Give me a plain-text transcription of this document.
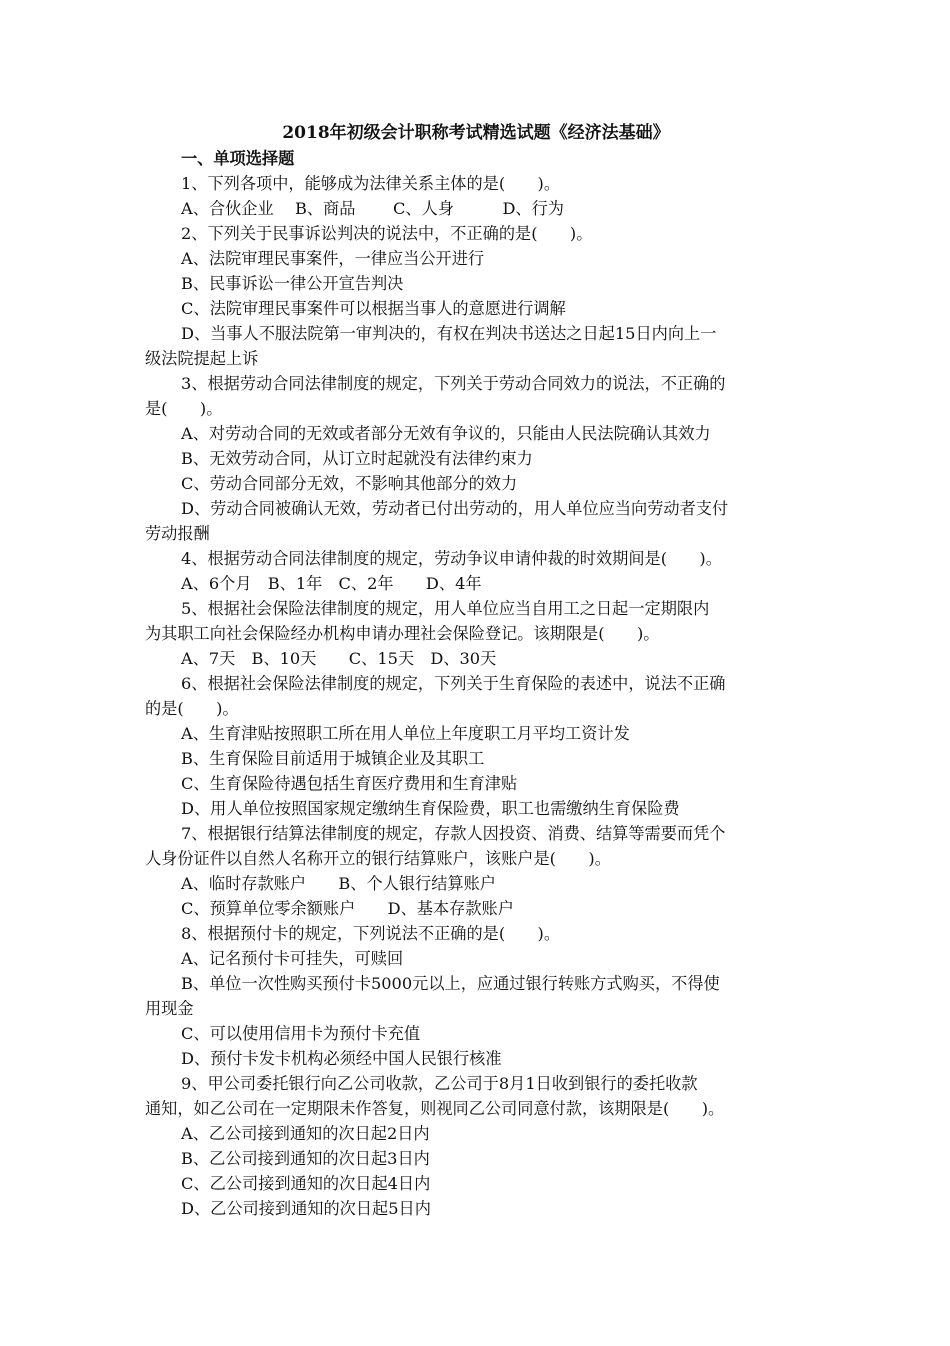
2018年初级会计职称考试精选试题《经济法基础》
一、单项选择题
1、下列各项中，能够成为法律关系主体的是(　　)。
A、合伙企业　 B、商品　　 C、人身　　　D、行为
2、下列关于民事诉讼判决的说法中，不正确的是(　　)。
A、法院审理民事案件，一律应当公开进行
B、民事诉讼一律公开宣告判决
C、法院审理民事案件可以根据当事人的意愿进行调解
D、当事人不服法院第一审判决的，有权在判决书送达之日起15日内向上一
级法院提起上诉
3、根据劳动合同法律制度的规定，下列关于劳动合同效力的说法，不正确的
是(　　)。
A、对劳动合同的无效或者部分无效有争议的，只能由人民法院确认其效力
B、无效劳动合同，从订立时起就没有法律约束力
C、劳动合同部分无效，不影响其他部分的效力
D、劳动合同被确认无效，劳动者已付出劳动的，用人单位应当向劳动者支付
劳动报酬
4、根据劳动合同法律制度的规定，劳动争议申请仲裁的时效期间是(　　)。
A、6个月　B、1年　C、2年　　D、4年
5、根据社会保险法律制度的规定，用人单位应当自用工之日起一定期限内
为其职工向社会保险经办机构申请办理社会保险登记。该期限是(　　)。
A、7天　B、10天　　C、15天　D、30天
6、根据社会保险法律制度的规定，下列关于生育保险的表述中，说法不正确
的是(　　)。
A、生育津贴按照职工所在用人单位上年度职工月平均工资计发
B、生育保险目前适用于城镇企业及其职工
C、生育保险待遇包括生育医疗费用和生育津贴
D、用人单位按照国家规定缴纳生育保险费，职工也需缴纳生育保险费
7、根据银行结算法律制度的规定，存款人因投资、消费、结算等需要而凭个
人身份证件以自然人名称开立的银行结算账户，该账户是(　　)。
A、临时存款账户　　B、个人银行结算账户
C、预算单位零余额账户　　D、基本存款账户
8、根据预付卡的规定，下列说法不正确的是(　　)。
A、记名预付卡可挂失，可赎回
B、单位一次性购买预付卡5000元以上，应通过银行转账方式购买，不得使
用现金
C、可以使用信用卡为预付卡充值
D、预付卡发卡机构必须经中国人民银行核准
9、甲公司委托银行向乙公司收款，乙公司于8月1日收到银行的委托收款
通知，如乙公司在一定期限未作答复，则视同乙公司同意付款，该期限是(　　)。
A、乙公司接到通知的次日起2日内
B、乙公司接到通知的次日起3日内
C、乙公司接到通知的次日起4日内
D、乙公司接到通知的次日起5日内
